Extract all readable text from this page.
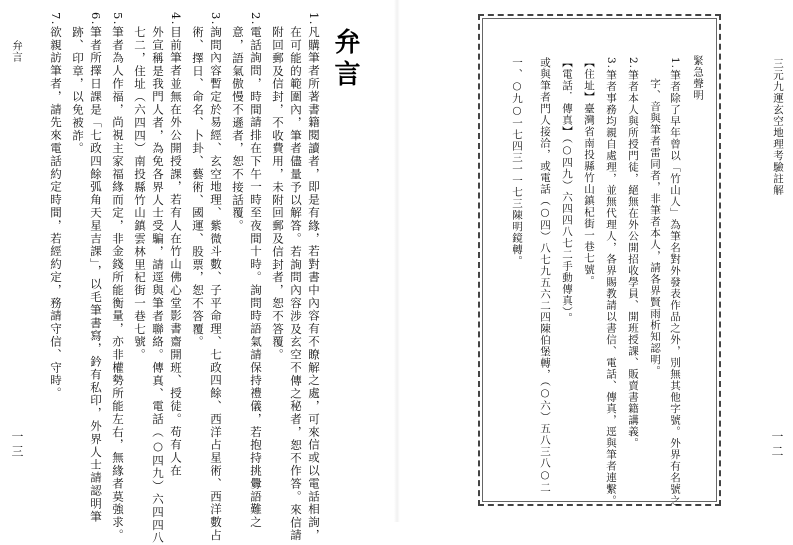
三元九運玄空地理考驗註解
一二
緊急聲明
1.筆者除了早年曾以「竹山人」為筆名對外發表作品之外，別無其他字號。外界有名號之
字、音與筆者雷同者，非筆者本人，請各界賢雨析知認明。
2.筆者本人與所授門徒，絕無在外公開招收學員、開班授課、販賣書籍講義。
3.筆者事務均親自處理，並無代理人，各界賜教請以書信、電話、傳真，逕與筆者連繫。
【住址】臺灣省南投縣竹山鎮杞街一巷七號。
【電話．傳真】（○四九）六四四八七二手動傳真）。
或與筆者門人接洽，或電話（○四）八七九五六二四陳伯堡轉，（○六）五八三八○二
一、○九○一七四三一一七三陳明鏡轉。
弁言
1.凡購筆者所著書籍閱讀者，即是有緣，若對書中內容有不瞭解之處，可來信或以電話相詢，
在可能的範圍內，筆者儘量予以解答。若詢問內容涉及玄空不傳之秘者，恕不作答。來信請
附回郵及信封，不收費用，未附回郵及信封者，恕不答覆。
2.電話詢問，時間請排在下午一時至夜間十時。詢問時語氣請保持禮儀，若抱持挑釁語難之
意，語氣傲慢不遜者，恕不接話覆。
3.詢問內容暫定於易經、玄空地理、紫微斗數、子平命理、七政四餘、西洋占星術、西洋數占
術、擇日、命名、卜卦、藝術、國運、股票，恕不答覆。
4.目前筆者並無在外公開授課，若有人在竹山佛心堂影書齋開班、授徒。苟有人在
外宣稱是我門人者，為免各界人士受騙，請逕與筆者聯絡。傳真、電話（○四九）六四四八
七二，住址（六四四）南投縣竹山鎮雲林里杞街一巷七號。
5.筆者為人作福，尚視主家福緣而定，非金錢所能衡量，亦非權勢所能左右，無緣者莫強求。
6.筆者所擇日課是「七政四餘弧角天星吉課」，以毛筆書寫，鈐有私印，外界人士請認明筆
跡、印章，以免被詐。
7.欲親訪筆者，請先來電話約定時間，若經約定，務請守信、守時。
弁言
一三
